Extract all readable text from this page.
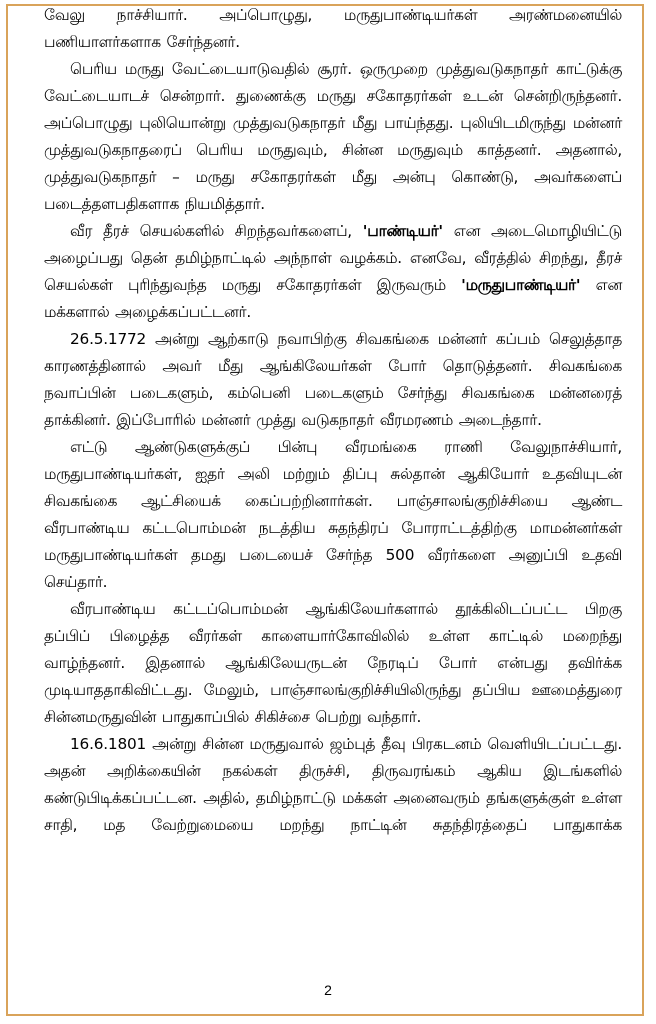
வேலு நாச்சியார். அப்பொழுது, மருதுபாண்டியர்கள் அரண்மனையில் பணியாளர்களாக சேர்ந்தனர்.

பெரிய மருது வேட்டையாடுவதில் சூரர். ஒருமுறை முத்துவடுகநாதர் காட்டுக்கு வேட்டையாடச் சென்றார். துணைக்கு மருது சகோதரர்கள் உடன் சென்றிருந்தனர். அப்பொழுது புலியொன்று முத்துவடுகநாதர் மீது பாய்ந்தது. புலியிடமிருந்து மன்னர் முத்துவடுகநாதரைப் பெரிய மருதுவும், சின்ன மருதுவும் காத்தனர். அதனால், முத்துவடுகநாதர் – மருது சகோதரர்கள் மீது அன்பு கொண்டு, அவர்களைப் படைத்தளபதிகளாக நியமித்தார்.

வீர தீரச் செயல்களில் சிறந்தவர்களைப், 'பாண்டியர்' என அடைமொழியிட்டு அழைப்பது தென் தமிழ்நாட்டில் அந்நாள் வழக்கம். எனவே, வீரத்தில் சிறந்து, தீரச் செயல்கள் புரிந்துவந்த மருது சகோதரர்கள் இருவரும் 'மருதுபாண்டியர்' என மக்களால் அழைக்கப்பட்டனர்.

26.5.1772 அன்று ஆற்காடு நவாபிற்கு சிவகங்கை மன்னர் கப்பம் செலுத்தாத காரணத்தினால் அவர் மீது ஆங்கிலேயர்கள் போர் தொடுத்தனர். சிவகங்கை நவாப்பின் படைகளும், கம்பெனி படைகளும் சேர்ந்து சிவகங்கை மன்னரைத் தாக்கினர். இப்போரில் மன்னர் முத்து வடுகநாதர் வீரமரணம் அடைந்தார்.

எட்டு ஆண்டுகளுக்குப் பின்பு வீரமங்கை ராணி வேலுநாச்சியார், மருதுபாண்டியர்கள், ஐதர் அலி மற்றும் திப்பு சுல்தான் ஆகியோர் உதவியுடன் சிவகங்கை ஆட்சியைக் கைப்பற்றினார்கள். பாஞ்சாலங்குறிச்சியை ஆண்ட வீரபாண்டிய கட்டபொம்மன் நடத்திய சுதந்திரப் போராட்டத்திற்கு மாமன்னர்கள் மருதுபாண்டியர்கள் தமது படையைச் சேர்ந்த 500 வீரர்களை அனுப்பி உதவி செய்தார்.

வீரபாண்டிய கட்டப்பொம்மன் ஆங்கிலேயர்களால் தூக்கிலிடப்பட்ட பிறகு தப்பிப் பிழைத்த வீரர்கள் காளையார்கோவிலில் உள்ள காட்டில் மறைந்து வாழ்ந்தனர். இதனால் ஆங்கிலேயருடன் நேரடிப் போர் என்பது தவிர்க்க முடியாததாகிவிட்டது. மேலும், பாஞ்சாலங்குறிச்சியிலிருந்து தப்பிய ஊமைத்துரை சின்னமருதுவின் பாதுகாப்பில் சிகிச்சை பெற்று வந்தார்.

16.6.1801 அன்று சின்ன மருதுவால் ஜம்புத் தீவு பிரகடனம் வெளியிடப்பட்டது. அதன் அறிக்கையின் நகல்கள் திருச்சி, திருவரங்கம் ஆகிய இடங்களில் கண்டுபிடிக்கப்பட்டன. அதில், தமிழ்நாட்டு மக்கள் அனைவரும் தங்களுக்குள் உள்ள சாதி, மத வேற்றுமையை மறந்து நாட்டின் சுதந்திரத்தைப் பாதுகாக்க

2
